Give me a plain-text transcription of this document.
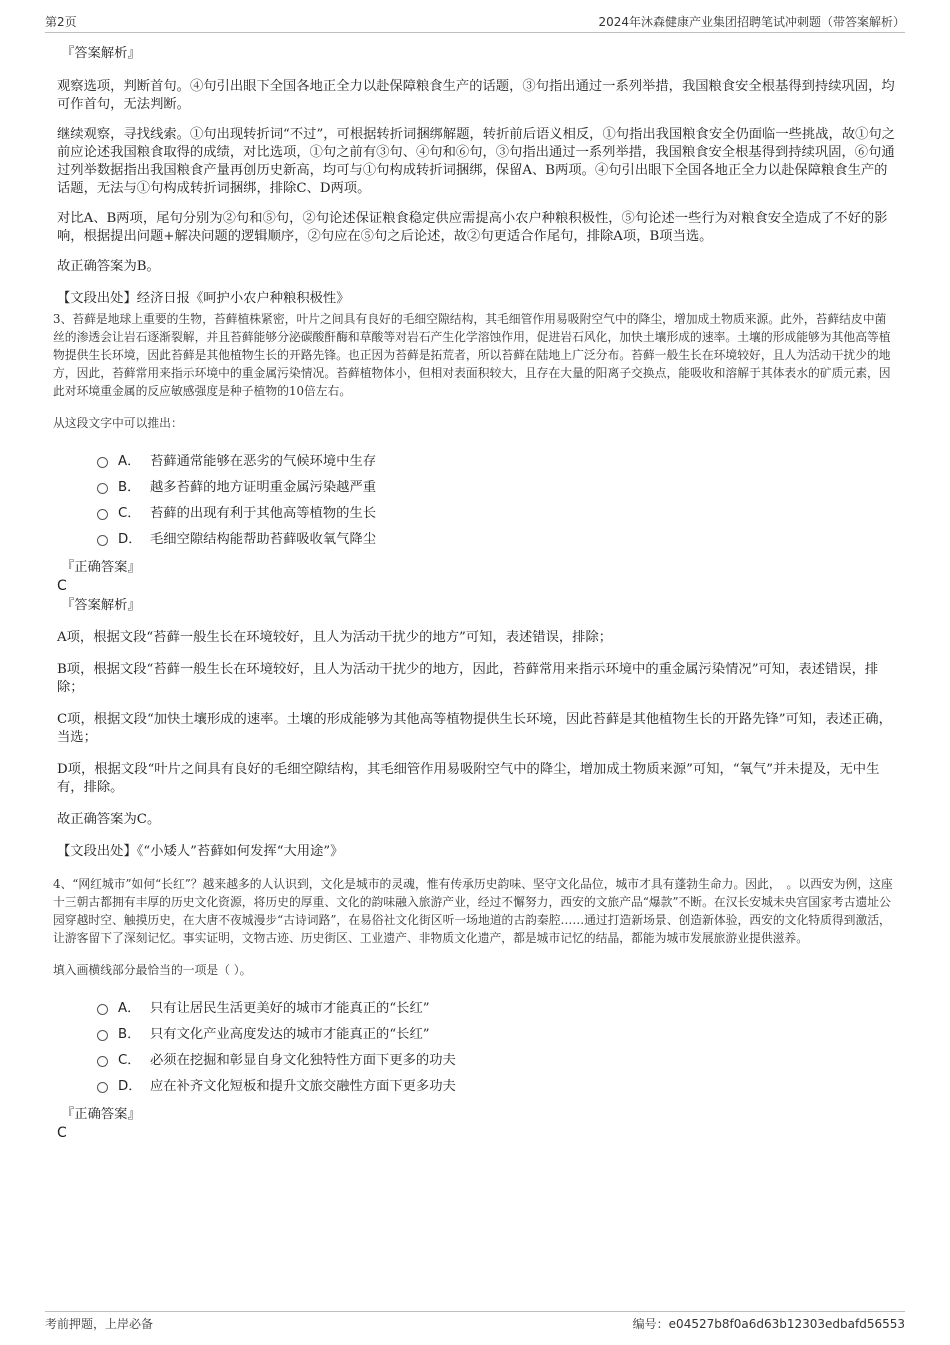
第2页	2024年沐森健康产业集团招聘笔试冲刺题（带答案解析）

『答案解析』

观察选项，判断首句。④句引出眼下全国各地正全力以赴保障粮食生产的话题，③句指出通过一系列举措，我国粮食安全根基得到持续巩固，均可作首句，无法判断。

继续观察，寻找线索。①句出现转折词“不过”，可根据转折词捆绑解题，转折前后语义相反，①句指出我国粮食安全仍面临一些挑战，故①句之前应论述我国粮食取得的成绩，对比选项，①句之前有③句、④句和⑥句，③句指出通过一系列举措，我国粮食安全根基得到持续巩固，⑥句通过列举数据指出我国粮食产量再创历史新高，均可与①句构成转折词捆绑，保留A、B两项。④句引出眼下全国各地正全力以赴保障粮食生产的话题，无法与①句构成转折词捆绑，排除C、D两项。

对比A、B两项，尾句分别为②句和⑤句，②句论述保证粮食稳定供应需提高小农户种粮积极性，⑤句论述一些行为对粮食安全造成了不好的影响，根据提出问题+解决问题的逻辑顺序，②句应在⑤句之后论述，故②句更适合作尾句，排除A项，B项当选。

故正确答案为B。

【文段出处】经济日报《呵护小农户种粮积极性》

3、苔藓是地球上重要的生物，苔藓植株紧密，叶片之间具有良好的毛细空隙结构，其毛细管作用易吸附空气中的降尘，增加成土物质来源。此外，苔藓结皮中菌丝的渗透会让岩石逐渐裂解，并且苔藓能够分泌碳酸酐酶和草酸等对岩石产生化学溶蚀作用，促进岩石风化，加快土壤形成的速率。土壤的形成能够为其他高等植物提供生长环境，因此苔藓是其他植物生长的开路先锋。也正因为苔藓是拓荒者，所以苔藓在陆地上广泛分布。苔藓一般生长在环境较好，且人为活动干扰少的地方，因此，苔藓常用来指示环境中的重金属污染情况。苔藓植物体小，但相对表面积较大，且存在大量的阳离子交换点，能吸收和溶解于其体表水的矿质元素，因此对环境重金属的反应敏感强度是种子植物的10倍左右。

从这段文字中可以推出：

A． 苔藓通常能够在恶劣的气候环境中生存
B． 越多苔藓的地方证明重金属污染越严重
C． 苔藓的出现有利于其他高等植物的生长
D． 毛细空隙结构能帮助苔藓吸收氧气降尘

『正确答案』

C

『答案解析』

A项，根据文段“苔藓一般生长在环境较好，且人为活动干扰少的地方”可知，表述错误，排除；

B项，根据文段“苔藓一般生长在环境较好，且人为活动干扰少的地方，因此，苔藓常用来指示环境中的重金属污染情况”可知，表述错误，排除；

C项，根据文段“加快土壤形成的速率。土壤的形成能够为其他高等植物提供生长环境，因此苔藓是其他植物生长的开路先锋”可知，表述正确，当选；

D项，根据文段“叶片之间具有良好的毛细空隙结构，其毛细管作用易吸附空气中的降尘，增加成土物质来源”可知，“氧气”并未提及，无中生有，排除。

故正确答案为C。

【文段出处】《“小矮人”苔藓如何发挥“大用途”》

4、“网红城市”如何“长红”？越来越多的人认识到，文化是城市的灵魂，惟有传承历史韵味、坚守文化品位，城市才具有蓬勃生命力。因此，　。以西安为例，这座十三朝古都拥有丰厚的历史文化资源，将历史的厚重、文化的韵味融入旅游产业，经过不懈努力，西安的文旅产品“爆款”不断。在汉长安城未央宫国家考古遗址公园穿越时空、触摸历史，在大唐不夜城漫步“古诗词路”，在易俗社文化街区听一场地道的古韵秦腔……通过打造新场景、创造新体验，西安的文化特质得到激活，让游客留下了深刻记忆。事实证明，文物古迹、历史街区、工业遗产、非物质文化遗产，都是城市记忆的结晶，都能为城市发展旅游业提供滋养。

填入画横线部分最恰当的一项是（ ）。

A． 只有让居民生活更美好的城市才能真正的“长红”
B． 只有文化产业高度发达的城市才能真正的“长红”
C． 必须在挖掘和彰显自身文化独特性方面下更多的功夫
D． 应在补齐文化短板和提升文旅交融性方面下更多功夫

『正确答案』

C

考前押题，上岸必备	编号：e04527b8f0a6d63b12303edbafd56553
